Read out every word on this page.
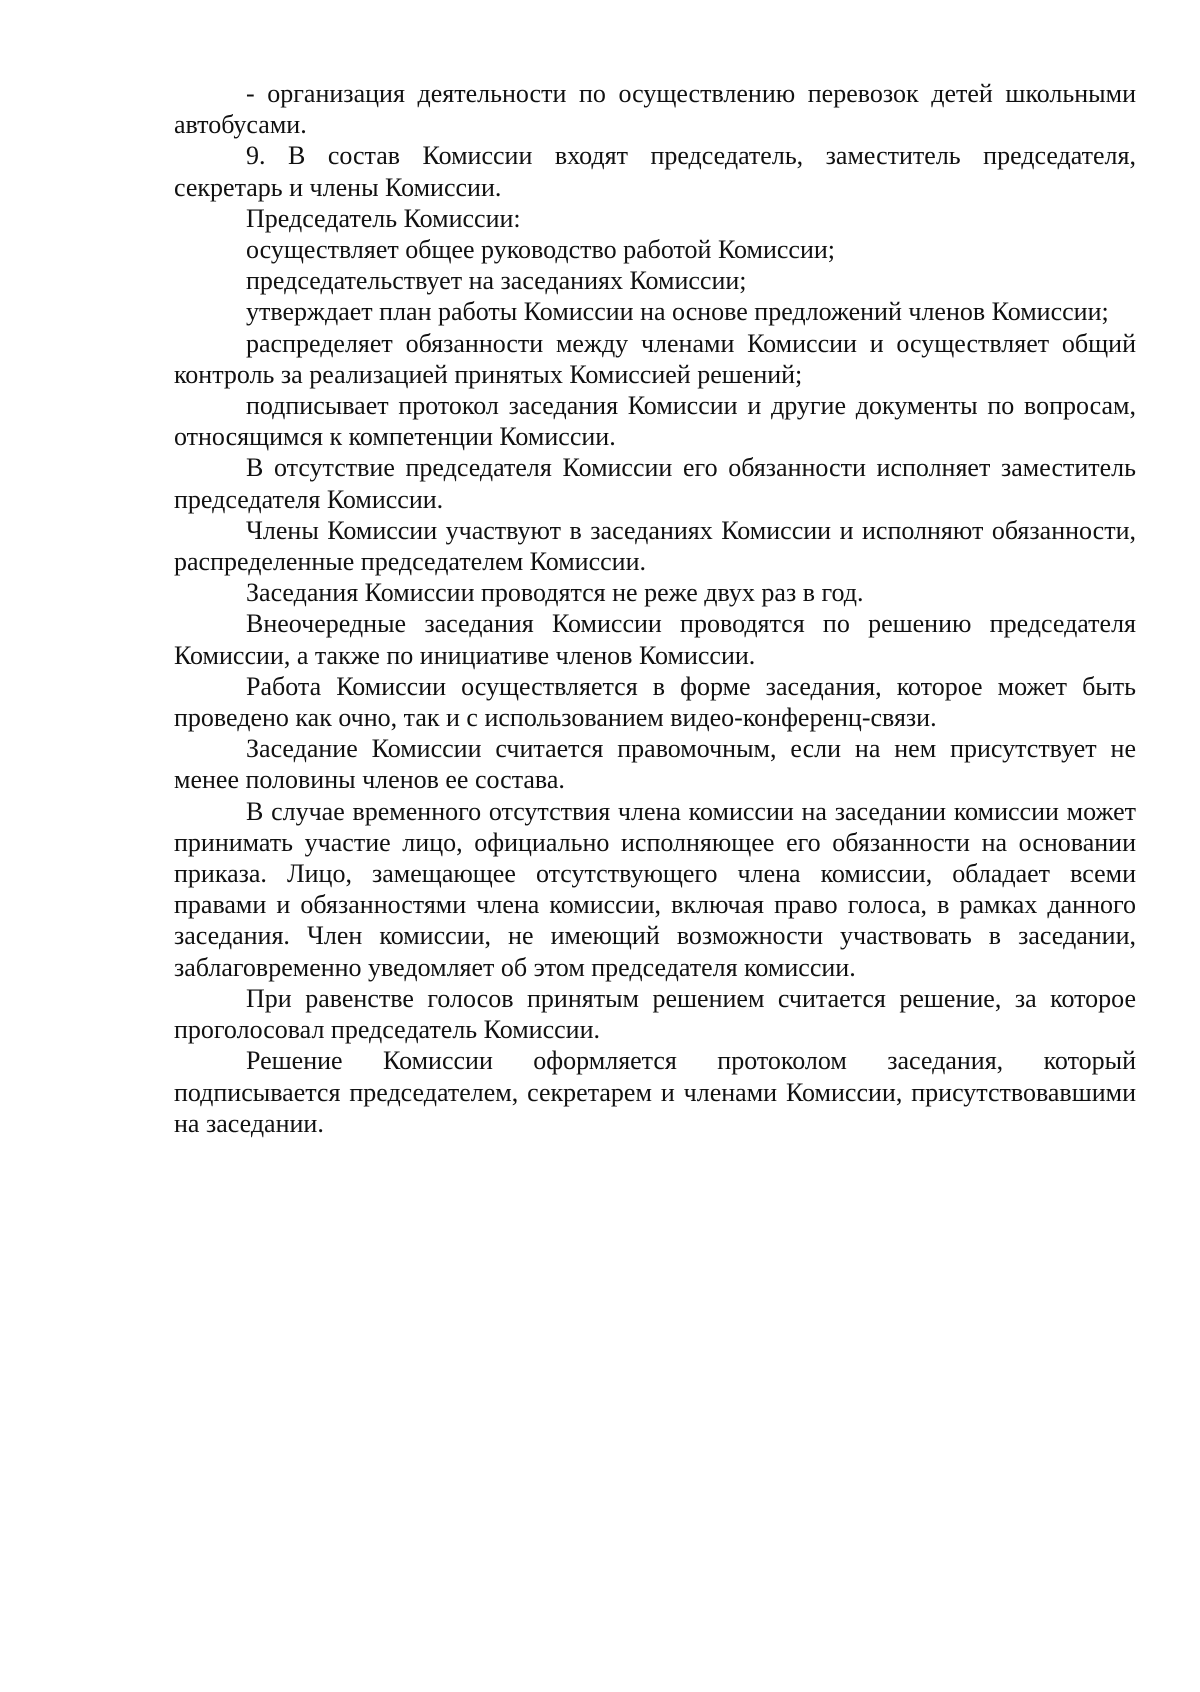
- организация деятельности по осуществлению перевозок детей школьными автобусами.

9. В состав Комиссии входят председатель, заместитель председателя, секретарь и члены Комиссии.

Председатель Комиссии:

осуществляет общее руководство работой Комиссии;

председательствует на заседаниях Комиссии;

утверждает план работы Комиссии на основе предложений членов Комиссии;

распределяет обязанности между членами Комиссии и осуществляет общий контроль за реализацией принятых Комиссией решений;

подписывает протокол заседания Комиссии и другие документы по вопросам, относящимся к компетенции Комиссии.

В отсутствие председателя Комиссии его обязанности исполняет заместитель председателя Комиссии.

Члены Комиссии участвуют в заседаниях Комиссии и исполняют обязанности, распределенные председателем Комиссии.

Заседания Комиссии проводятся не реже двух раз в год.

Внеочередные заседания Комиссии проводятся по решению председателя Комиссии, а также по инициативе членов Комиссии.

Работа Комиссии осуществляется в форме заседания, которое может быть проведено как очно, так и с использованием видео-конференц-связи.

Заседание Комиссии считается правомочным, если на нем присутствует не менее половины членов ее состава.

В случае временного отсутствия члена комиссии на заседании комиссии может принимать участие лицо, официально исполняющее его обязанности на основании приказа. Лицо, замещающее отсутствующего члена комиссии, обладает всеми правами и обязанностями члена комиссии, включая право голоса, в рамках данного заседания. Член комиссии, не имеющий возможности участвовать в заседании, заблаговременно уведомляет об этом председателя комиссии.

При равенстве голосов принятым решением считается решение, за которое проголосовал председатель Комиссии.

Решение Комиссии оформляется протоколом заседания, который подписывается председателем, секретарем и членами Комиссии, присутствовавшими на заседании.
